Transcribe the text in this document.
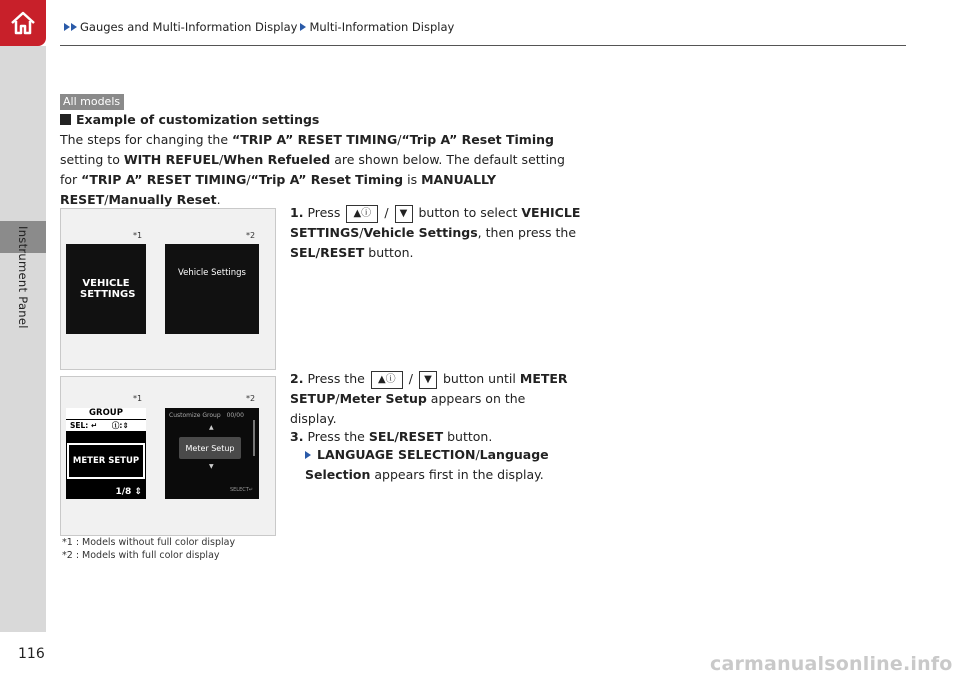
Instrument Panel
Gauges and Multi-Information Display Multi-Information Display
All models
Example of customization settings
The steps for changing the “TRIP A” RESET TIMING/“Trip A” Reset Timing setting to WITH REFUEL/When Refueled are shown below. The default setting for “TRIP A” RESET TIMING/“Trip A” Reset Timing is MANUALLY RESET/Manually Reset.
*1	*2
VEHICLE SETTINGS
Vehicle Settings
*1	*2
GROUP
SEL: ↵ ⓘ:⇕
METER SETUP
1/8 ⇕
Customize Group 00/00
▲
Meter Setup
▼
SELECT↵
1. Press ▲ⓘ / ▼ button to select VEHICLE SETTINGS/Vehicle Settings, then press the SEL/RESET button.
2. Press the ▲ⓘ / ▼ button until METER SETUP/Meter Setup appears on the display.
3. Press the SEL/RESET button.
LANGUAGE SELECTION/Language Selection appears first in the display.
*1 : Models without full color display
*2 : Models with full color display
116	carmanualsonline.info
